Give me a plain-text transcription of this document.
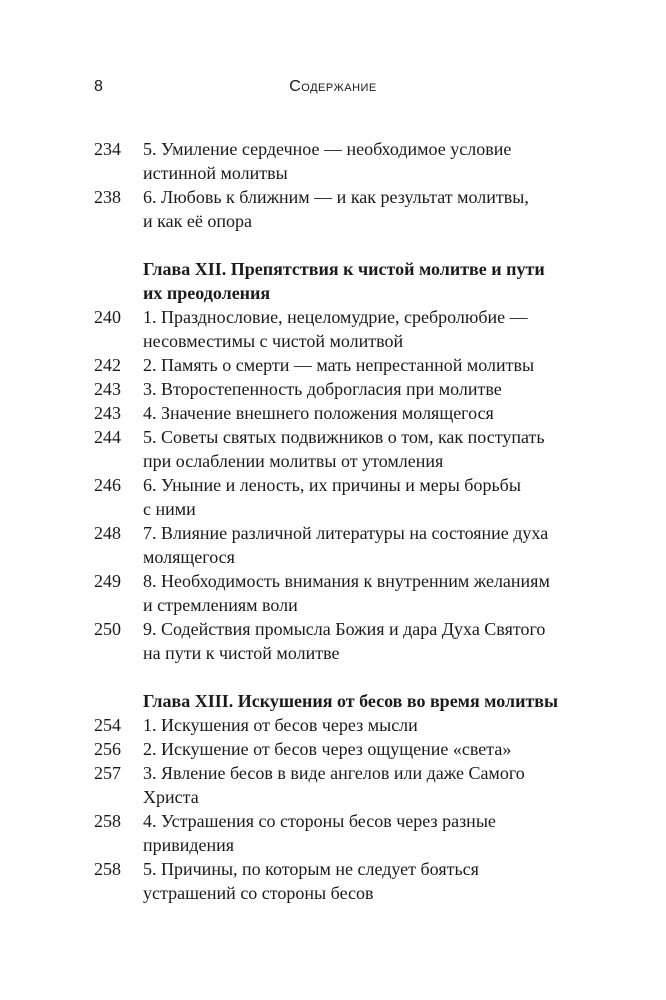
8	Содержание
234 5. Умиление сердечное — необходимое условие
истинной молитвы
238 6. Любовь к ближним — и как результат молитвы,
и как её опора
Глава XII. Препятствия к чистой молитве и пути
их преодоления
240 1. Празднословие, нецеломудрие, сребролюбие —
несовместимы с чистой молитвой
242 2. Память о смерти — мать непрестанной молитвы
243 3. Второстепенность доброгласия при молитве
243 4. Значение внешнего положения молящегося
244 5. Советы святых подвижников о том, как поступать
при ослаблении молитвы от утомления
246 6. Уныние и леность, их причины и меры борьбы
с ними
248 7. Влияние различной литературы на состояние духа
молящегося
249 8. Необходимость внимания к внутренним желаниям
и стремлениям воли
250 9. Содействия промысла Божия и дара Духа Святого
на пути к чистой молитве
Глава XIII. Искушения от бесов во время молитвы
254 1. Искушения от бесов через мысли
256 2. Искушение от бесов через ощущение «света»
257 3. Явление бесов в виде ангелов или даже Самого
Христа
258 4. Устрашения со стороны бесов через разные
привидения
258 5. Причины, по которым не следует бояться
устрашений со стороны бесов
